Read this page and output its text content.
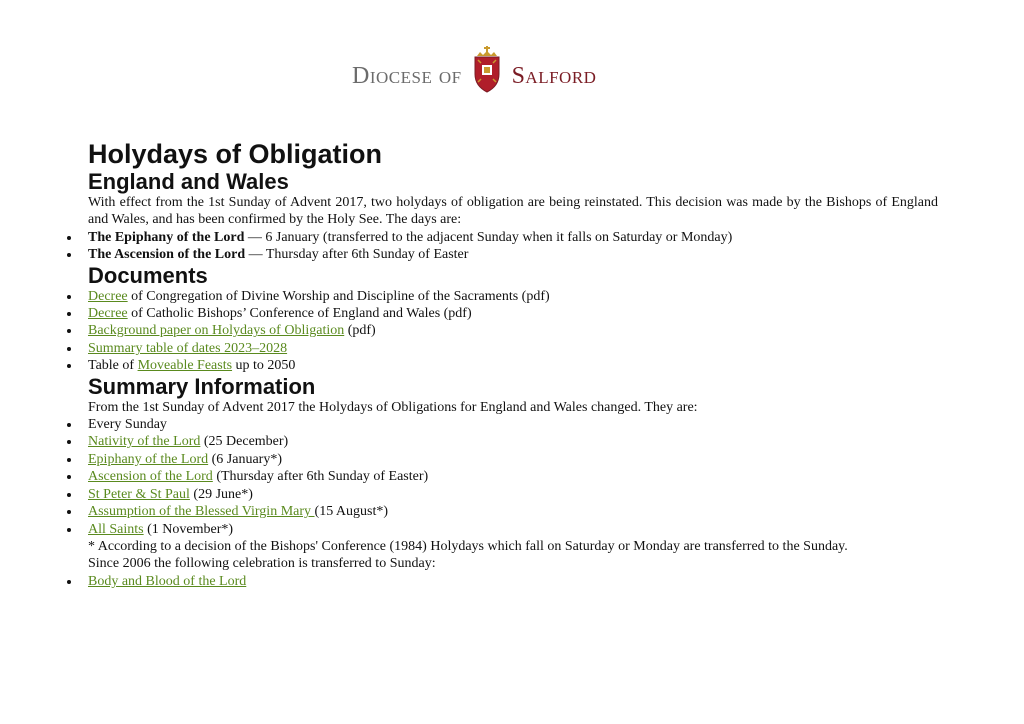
Diocese of Salford
Holydays of Obligation
England and Wales

With effect from the 1st Sunday of Advent 2017, two holydays of obligation are being reinstated. This decision was made by the Bishops of England and Wales, and has been confirmed by the Holy See. The days are:

The Epiphany of the Lord — 6 January (transferred to the adjacent Sunday when it falls on Saturday or Monday)
The Ascension of the Lord — Thursday after 6th Sunday of Easter
Documents
Decree of Congregation of Divine Worship and Discipline of the Sacraments (pdf)
Decree of Catholic Bishops’ Conference of England and Wales (pdf)
Background paper on Holydays of Obligation (pdf)
Summary table of dates 2023–2028
Table of Moveable Feasts up to 2050
Summary Information

From the 1st Sunday of Advent 2017 the Holydays of Obligations for England and Wales changed. They are:

Every Sunday
Nativity of the Lord (25 December)
Epiphany of the Lord (6 January*)
Ascension of the Lord (Thursday after 6th Sunday of Easter)
St Peter & St Paul (29 June*)
Assumption of the Blessed Virgin Mary (15 August*)
All Saints (1 November*)

* According to a decision of the Bishops' Conference (1984) Holydays which fall on Saturday or Monday are transferred to the Sunday.

Since 2006 the following celebration is transferred to Sunday:

Body and Blood of the Lord
